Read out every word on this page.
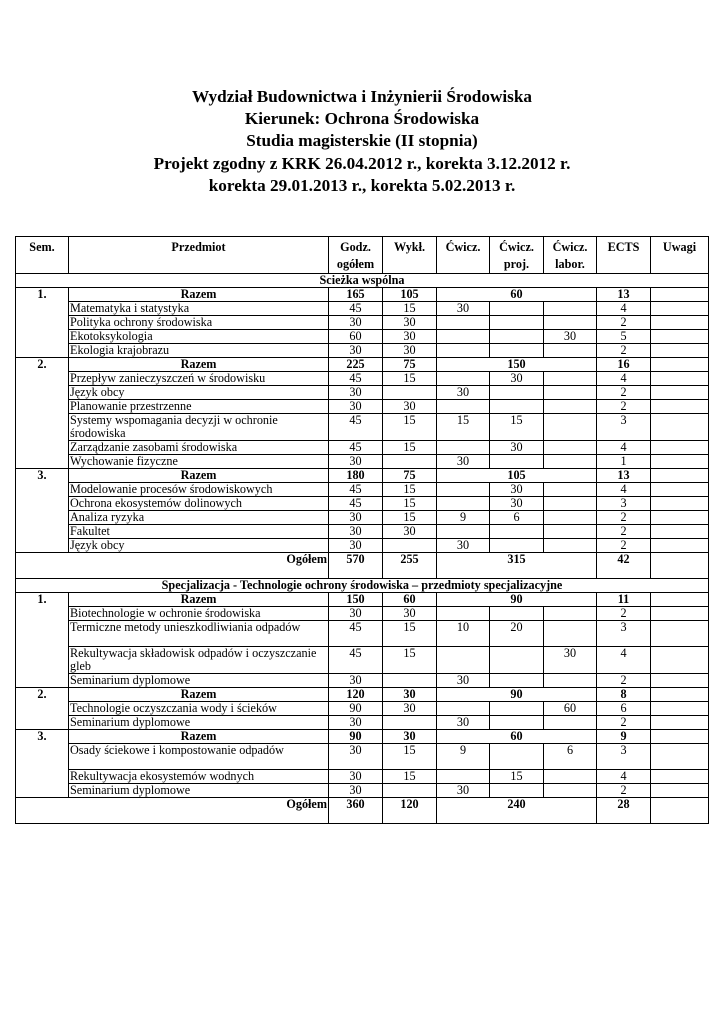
Wydział Budownictwa i Inżynierii Środowiska
Kierunek: Ochrona Środowiska
Studia magisterskie (II stopnia)
Projekt zgodny z KRK 26.04.2012 r., korekta 3.12.2012 r.
korekta 29.01.2013 r., korekta 5.02.2013 r.
Sem.	Przedmiot	Godz. ogółem	Wykł.	Ćwicz.	Ćwicz. proj.	Ćwicz. labor.	ECTS	Uwagi
Scieżka wspólna								
1.	Razem	165	105	60			13	
	Matematyka i statystyka	45	15	30			4	
	Polityka ochrony środowiska	30	30				2	
	Ekotoksykologia	60	30			30	5	
	Ekologia krajobrazu	30	30				2	
2.	Razem	225	75	150			16	
	Przepływ zanieczyszczeń w środowisku	45	15		30		4	
	Język obcy	30		30			2	
	Planowanie przestrzenne	30	30				2	
	Systemy wspomagania decyzji w ochronie środowiska	45	15	15	15		3	
	Zarządzanie zasobami środowiska	45	15		30		4	
	Wychowanie fizyczne	30		30			1	
3.	Razem	180	75	105			13	
	Modelowanie procesów środowiskowych	45	15		30		4	
	Ochrona ekosystemów dolinowych	45	15		30		3	
	Analiza ryzyka	30	15	9	6		2	
	Fakultet	30	30				2	
	Język obcy	30		30			2	
Ogółem		570	255	315			42	
Specjalizacja - Technologie ochrony środowiska – przedmioty specjalizacyjne								
1.	Razem	150	60	90			11	
	Biotechnologie w ochronie środowiska	30	30				2	
	Termiczne metody unieszkodliwiania odpadów	45	15	10	20		3	
	Rekultywacja składowisk odpadów i oczyszczanie gleb	45	15			30	4	
	Seminarium dyplomowe	30		30			2	
2.	Razem	120	30	90			8	
	Technologie oczyszczania wody i ścieków	90	30			60	6	
	Seminarium dyplomowe	30		30			2	
3.	Razem	90	30	60			9	
	Osady ściekowe i kompostowanie odpadów	30	15	9		6	3	
	Rekultywacja ekosystemów wodnych	30	15		15		4	
	Seminarium dyplomowe	30		30			2	
Ogółem		360	120	240			28	
